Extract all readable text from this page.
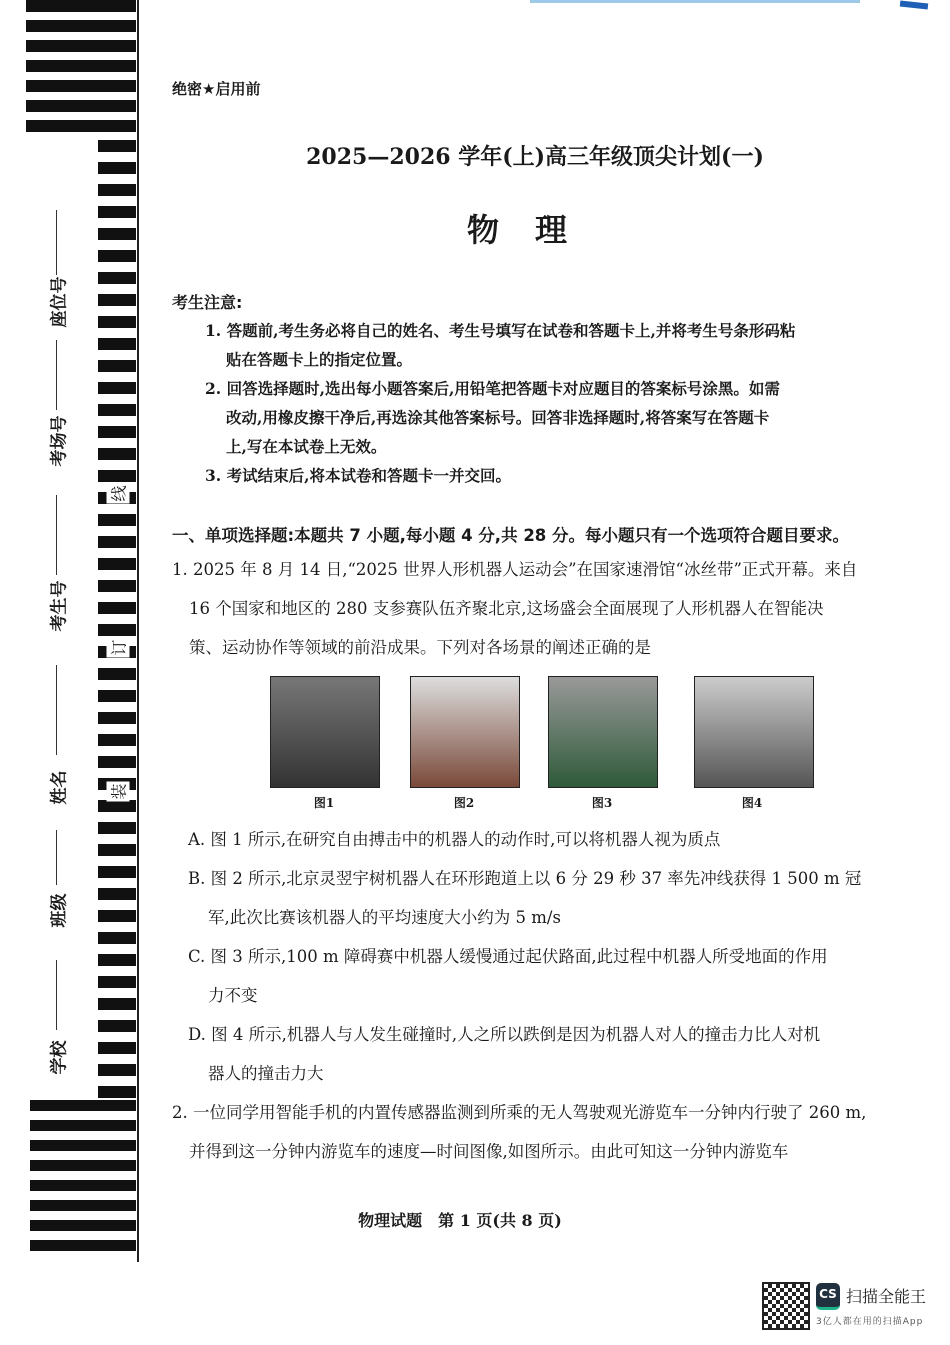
学校
班级
姓名
考生号
考场号
座位号
装
订
线
绝密★启用前
2025—2026 学年(上)高三年级顶尖计划(一)
物理
考生注意:
1. 答题前,考生务必将自己的姓名、考生号填写在试卷和答题卡上,并将考生号条形码粘
贴在答题卡上的指定位置。
2. 回答选择题时,选出每小题答案后,用铅笔把答题卡对应题目的答案标号涂黑。如需
改动,用橡皮擦干净后,再选涂其他答案标号。回答非选择题时,将答案写在答题卡
上,写在本试卷上无效。
3. 考试结束后,将本试卷和答题卡一并交回。
一、单项选择题:本题共 7 小题,每小题 4 分,共 28 分。每小题只有一个选项符合题目要求。
1. 2025 年 8 月 14 日,“2025 世界人形机器人运动会”在国家速滑馆“冰丝带”正式开幕。来自
16 个国家和地区的 280 支参赛队伍齐聚北京,这场盛会全面展现了人形机器人在智能决
策、运动协作等领域的前沿成果。下列对各场景的阐述正确的是
图1	图2	图3	图4
A. 图 1 所示,在研究自由搏击中的机器人的动作时,可以将机器人视为质点
B. 图 2 所示,北京灵翌宇树机器人在环形跑道上以 6 分 29 秒 37 率先冲线获得 1 500 m 冠
军,此次比赛该机器人的平均速度大小约为 5 m/s
C. 图 3 所示,100 m 障碍赛中机器人缓慢通过起伏路面,此过程中机器人所受地面的作用
力不变
D. 图 4 所示,机器人与人发生碰撞时,人之所以跌倒是因为机器人对人的撞击力比人对机
器人的撞击力大
2. 一位同学用智能手机的内置传感器监测到所乘的无人驾驶观光游览车一分钟内行驶了 260 m,
并得到这一分钟内游览车的速度—时间图像,如图所示。由此可知这一分钟内游览车
物理试题　第 1 页(共 8 页)
CS 扫描全能王
3亿人都在用的扫描App
